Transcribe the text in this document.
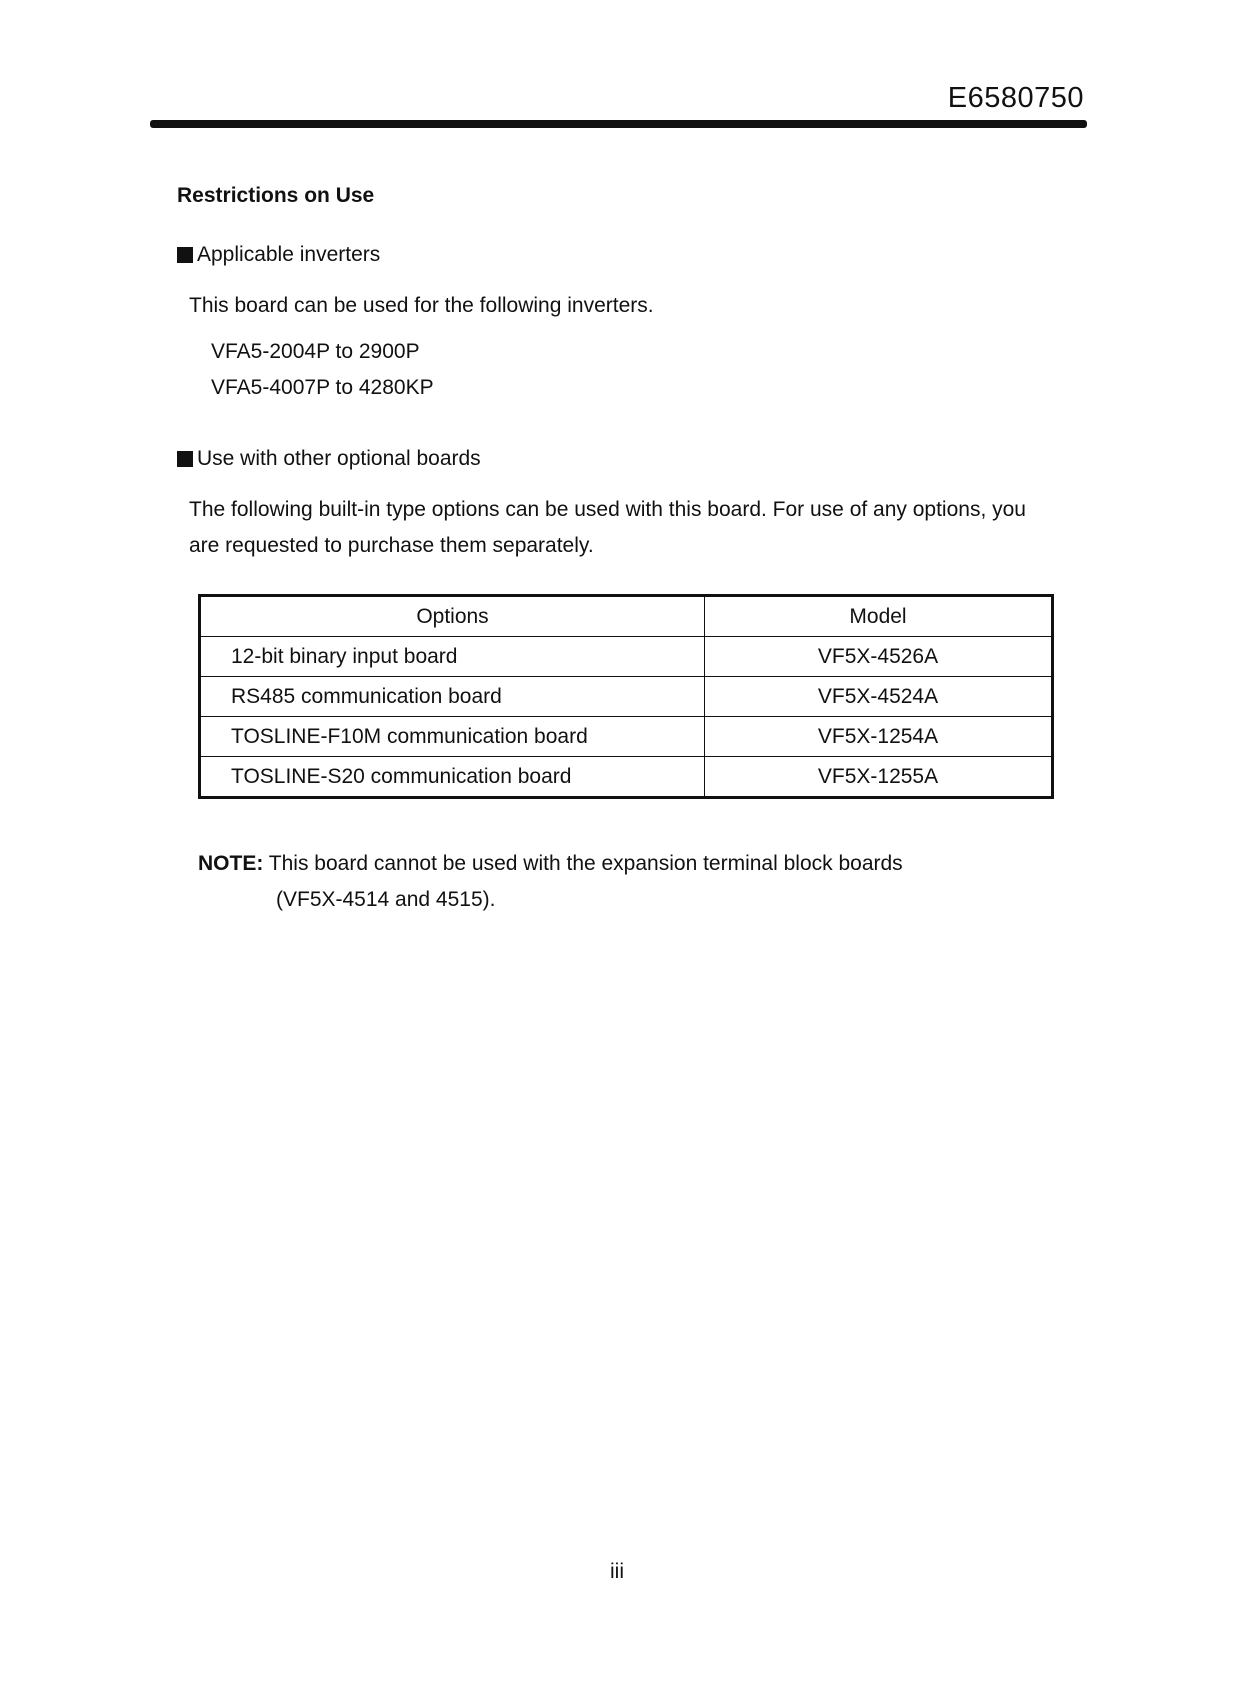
E6580750
Restrictions on Use
Applicable inverters
This board can be used for the following inverters.
VFA5-2004P to 2900P
VFA5-4007P to 4280KP
Use with other optional boards
The following built-in type options can be used with this board. For use of any options, you
are requested to purchase them separately.
Options	Model
12-bit binary input board	VF5X-4526A
RS485 communication board	VF5X-4524A
TOSLINE-F10M communication board	VF5X-1254A
TOSLINE-S20 communication board	VF5X-1255A
NOTE: This board cannot be used with the expansion terminal block boards
(VF5X-4514 and 4515).
iii
